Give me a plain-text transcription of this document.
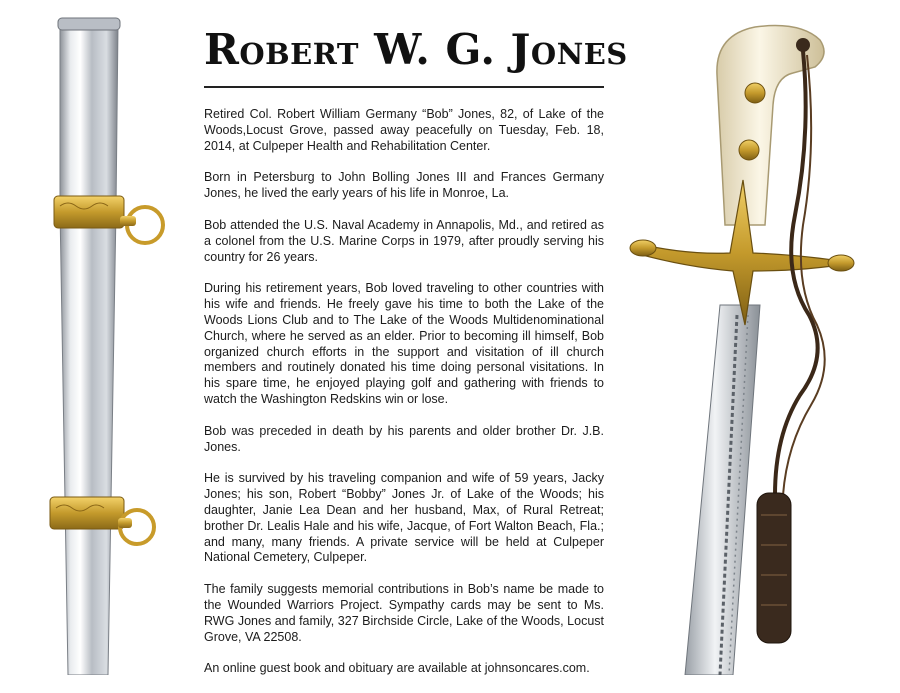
Robert W. G. Jones

Retired Col. Robert William Germany “Bob” Jones, 82, of Lake of the Woods,Locust Grove, passed away peacefully on Tuesday, Feb. 18, 2014, at Culpeper Health and Rehabilitation Center.

Born in Petersburg to John Bolling Jones III and Frances Germany Jones, he lived the early years of his life in Monroe, La.

Bob attended the U.S. Naval Academy in Annapolis, Md., and retired as a colonel from the U.S. Marine Corps in 1979, after proudly serving his country for 26 years.

During his retirement years, Bob loved traveling to other countries with his wife and friends. He freely gave his time to both the Lake of the Woods Lions Club and to The Lake of the Woods Multidenominational Church, where he served as an elder. Prior to becoming ill himself, Bob organized church efforts in the support and visitation of ill church members and routinely donated his time doing personal visitations. In his spare time, he enjoyed playing golf and gathering with friends to watch the Washington Redskins win or lose.

Bob was preceded in death by his parents and older brother Dr. J.B. Jones.

He is survived by his traveling companion and wife of 59 years, Jacky Jones; his son, Robert “Bobby” Jones Jr. of Lake of the Woods; his daughter, Janie Lea Dean and her husband, Max, of Rural Retreat; brother Dr. Lealis Hale and his wife, Jacque, of Fort Walton Beach, Fla.; and many, many friends. A private service will be held at Culpeper National Cemetery, Culpeper.

The family suggests memorial contributions in Bob’s name be made to the Wounded Warriors Project. Sympathy cards may be sent to Ms. RWG Jones and family, 327 Birchside Circle, Lake of the Woods, Locust Grove, VA 22508.

An online guest book and obituary are available at johnsoncares.com.
